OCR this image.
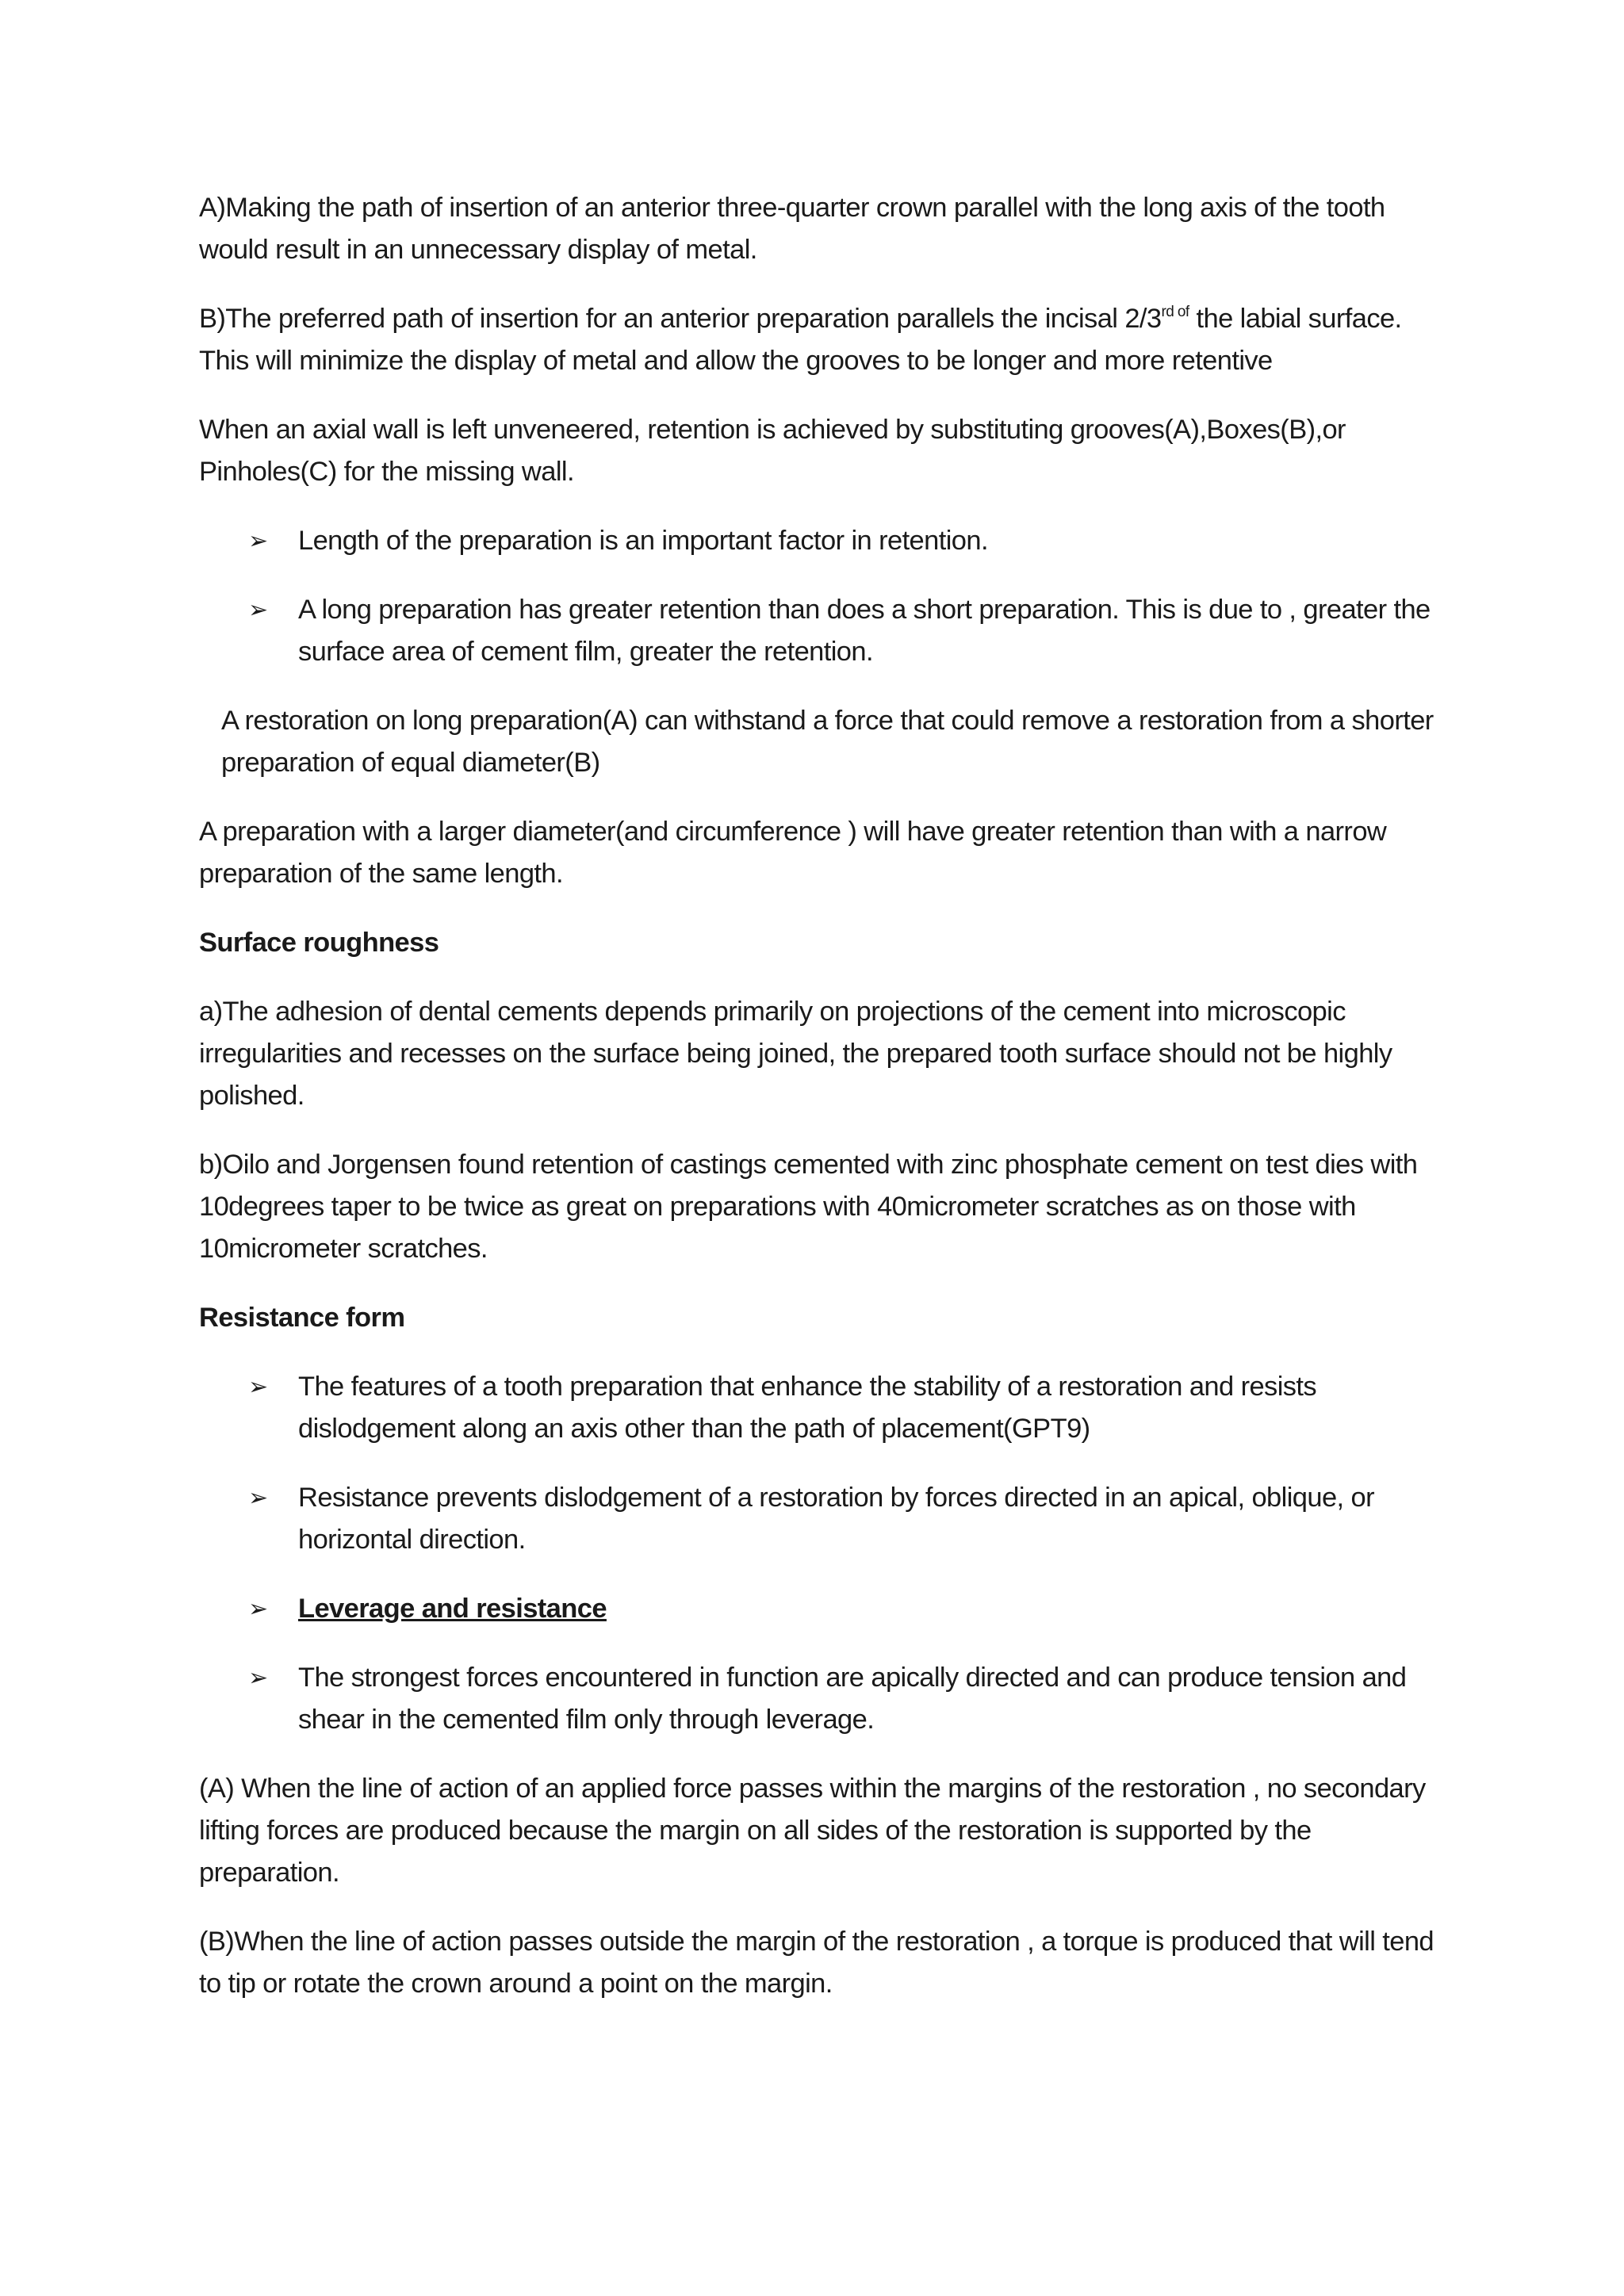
A)Making the path of insertion of an anterior three-quarter crown parallel with the long axis of the tooth would result in an unnecessary display of metal.

B)The preferred path of insertion for an anterior preparation parallels the incisal $2/3^{rd of}$ the labial surface. This will minimize the display of metal and allow the grooves to be longer and more retentive

When an axial wall is left unveneered, retention is achieved by substituting grooves(A),Boxes(B),or Pinholes(C) for the missing wall.

➢ Length of the preparation is an important factor in retention.
➢ A long preparation has greater retention than does a short preparation. This is due to , greater the surface area of cement film, greater the retention.

A restoration on long preparation(A) can withstand a force that could remove a restoration from a shorter preparation of equal diameter(B)

A preparation with a larger diameter(and circumference ) will have greater retention than with a narrow preparation of the same length.

Surface roughness

a)The adhesion of dental cements depends primarily on projections of the cement into microscopic irregularities and recesses on the surface being joined, the prepared tooth surface should not be highly polished.

b)Oilo and Jorgensen found retention of castings cemented with zinc phosphate cement on test dies with 10degrees taper to be twice as great on preparations with 40micrometer scratches as on those with 10micrometer scratches.

Resistance form

➢ The features of a tooth preparation that enhance the stability of a restoration and resists dislodgement along an axis other than the path of placement(GPT9)
➢ Resistance prevents dislodgement of a restoration by forces directed in an apical, oblique, or horizontal direction.
➢ Leverage and resistance
➢ The strongest forces encountered in function are apically directed and can produce tension and shear in the cemented film only through leverage.

(A) When the line of action of an applied force passes within the margins of the restoration , no secondary lifting forces are produced because the margin on all sides of the restoration is supported by the preparation.

(B)When the line of action passes outside the margin of the restoration , a torque is produced that will tend to tip or rotate the crown around a point on the margin.
